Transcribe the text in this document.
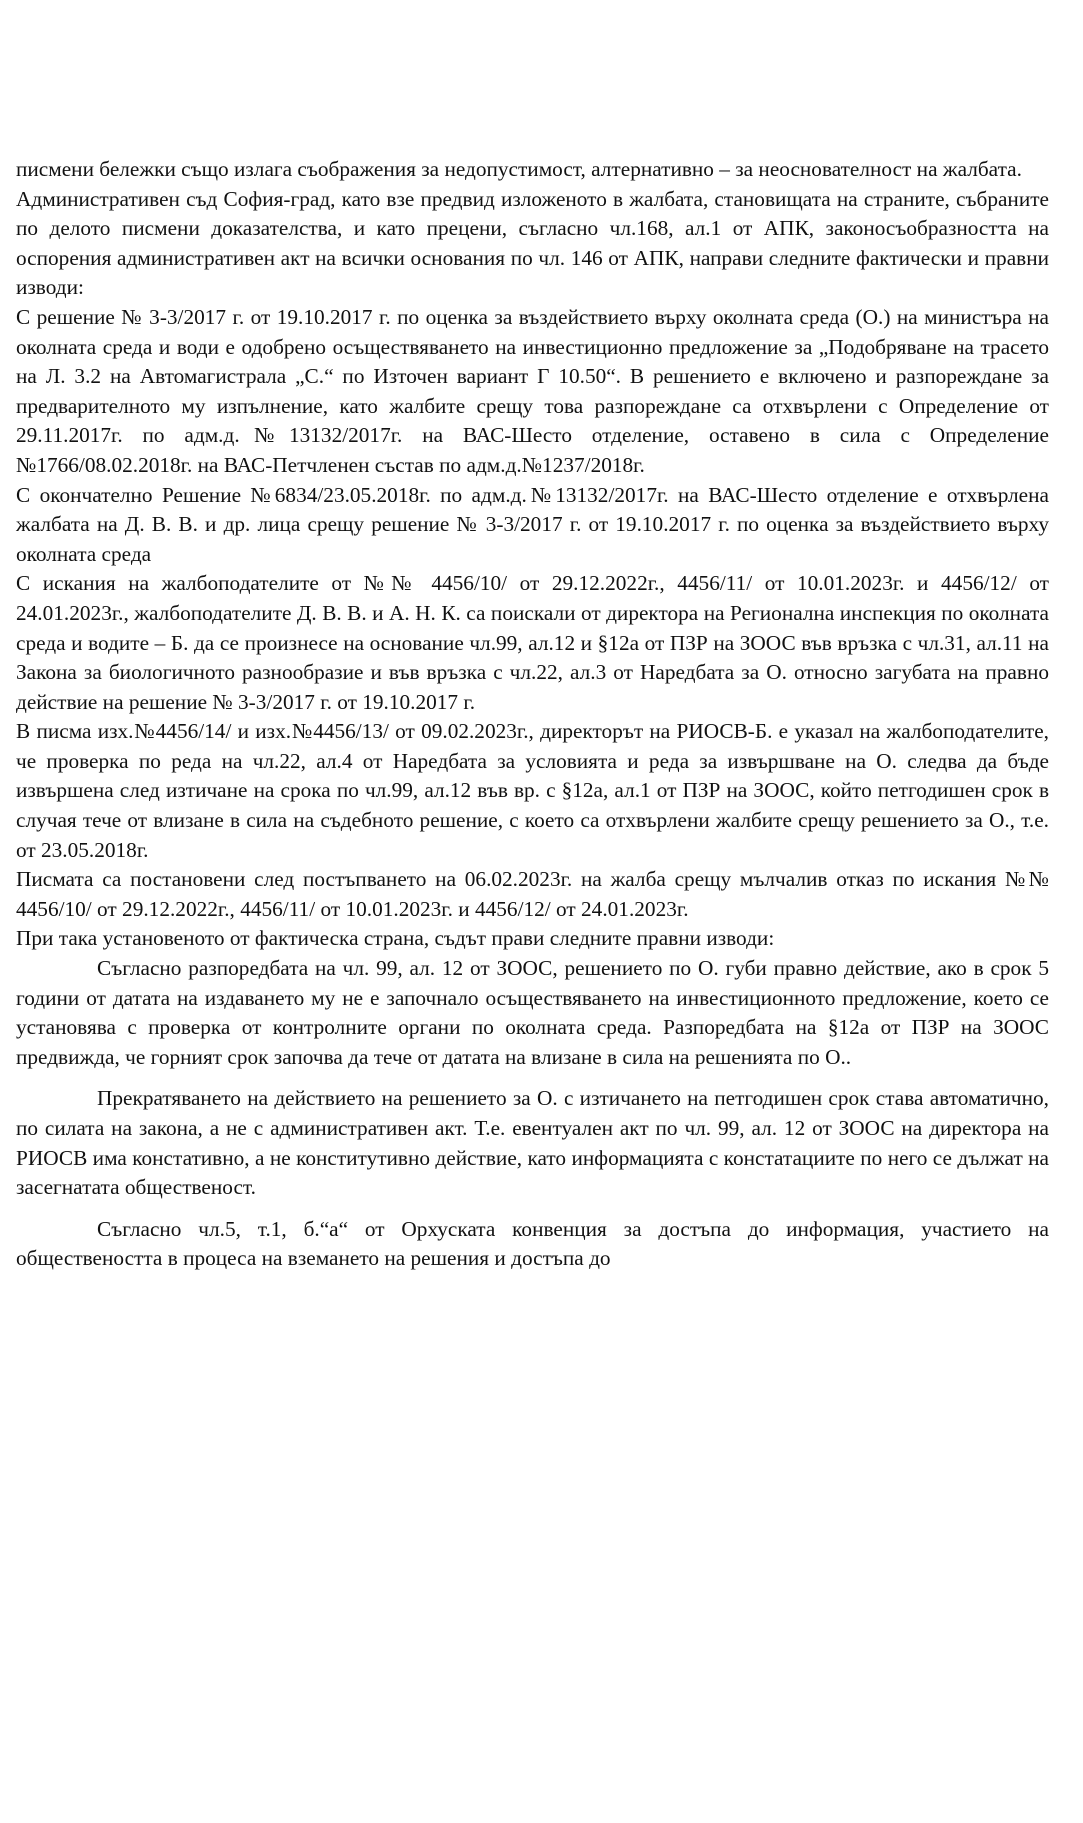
писмени бележки също излага съображения за недопустимост, алтернативно – за неоснователност на жалбата.

Административен съд София-град, като взе предвид изложеното в жалбата, становищата на страните, събраните по делото писмени доказателства, и като прецени, съгласно чл.168, ал.1 от АПК, законосъобразността на оспорения административен акт на всички основания по чл. 146 от АПК, направи следните фактически и правни изводи:

С решение № 3-3/2017 г. от 19.10.2017 г. по оценка за въздействието върху околната среда (О.) на министъра на околната среда и води е одобрено осъществяването на инвестиционно предложение за „Подобряване на трасето на Л. 3.2 на Автомагистрала „С.“ по Източен вариант Г 10.50“. В решението е включено и разпореждане за предварителното му изпълнение, като жалбите срещу това разпореждане са отхвърлени с Определение от 29.11.2017г. по адм.д.№13132/2017г. на ВАС-Шесто отделение, оставено в сила с Определение №1766/08.02.2018г. на ВАС-Петчленен състав по адм.д.№1237/2018г.

С окончателно Решение №6834/23.05.2018г. по адм.д.№13132/2017г. на ВАС-Шесто отделение е отхвърлена жалбата на Д. В. В. и др. лица срещу решение № 3-3/2017 г. от 19.10.2017 г. по оценка за въздействието върху околната среда

С искания на жалбоподателите от №№ 4456/10/ от 29.12.2022г., 4456/11/ от 10.01.2023г. и 4456/12/ от 24.01.2023г., жалбоподателите Д. В. В. и А. Н. К. са поискали от директора на Регионална инспекция по околната среда и водите – Б. да се произнесе на основание чл.99, ал.12 и §12а от ПЗР на ЗООС във връзка с чл.31, ал.11 на Закона за биологичното разнообразие и във връзка с чл.22, ал.3 от Наредбата за О. относно загубата на правно действие на решение № 3-3/2017 г. от 19.10.2017 г.

В писма изх.№4456/14/ и изх.№4456/13/ от 09.02.2023г., директорът на РИОСВ-Б. е указал на жалбоподателите, че проверка по реда на чл.22, ал.4 от Наредбата за условията и реда за извършване на О. следва да бъде извършена след изтичане на срока по чл.99, ал.12 във вр. с §12а, ал.1 от ПЗР на ЗООС, който петгодишен срок в случая тече от влизане в сила на съдебното решение, с което са отхвърлени жалбите срещу решението за О., т.е. от 23.05.2018г.

Писмата са постановени след постъпването на 06.02.2023г. на жалба срещу мълчалив отказ по искания №№ 4456/10/ от 29.12.2022г., 4456/11/ от 10.01.2023г. и 4456/12/ от 24.01.2023г.

При така установеното от фактическа страна, съдът прави следните правни изводи:

Съгласно разпоредбата на чл. 99, ал. 12 от ЗООС, решението по О. губи правно действие, ако в срок 5 години от датата на издаването му не е започнало осъществяването на инвестиционното предложение, което се установява с проверка от контролните органи по околната среда. Разпоредбата на §12а от ПЗР на ЗООС предвижда, че горният срок започва да тече от датата на влизане в сила на решенията по О..

Прекратяването на действието на решението за О. с изтичането на петгодишен срок става автоматично, по силата на закона, а не с административен акт. Т.е. евентуален акт по чл. 99, ал. 12 от ЗООС на директора на РИОСВ има констативно, а не конститутивно действие, като информацията с констатациите по него се дължат на засегнатата общественост.

Съгласно чл.5, т.1, б.“а“ от Орхуската конвенция за достъпа до информация, участието на обществеността в процеса на вземането на решения и достъпа до
